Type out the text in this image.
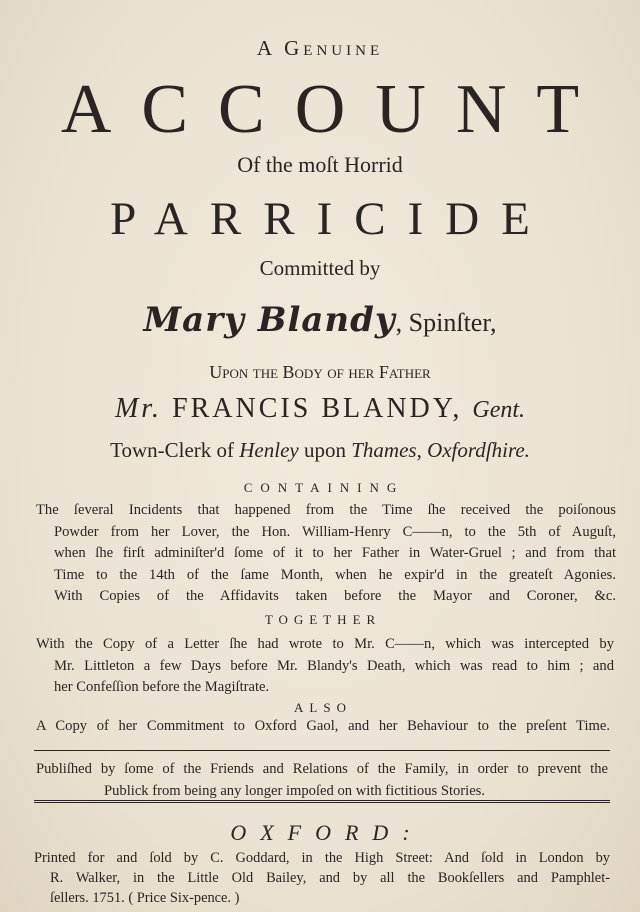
A Genuine
ACCOUNT
Of the moſt Horrid
PARRICIDE
Committed by
Mary Blandy, Spinſter,
Upon the Body of her Father
Mr. FRANCIS BLANDY, Gent.
Town-Clerk of Henley upon Thames, Oxfordſhire.
CONTAINING
The ſeveral Incidents that happened from the Time ſhe received the poiſonous
Powder from her Lover, the Hon. William-Henry C——n, to the 5th of Auguſt,
when ſhe firſt adminiſter'd ſome of it to her Father in Water-Gruel ; and from that
Time to the 14th of the ſame Month, when he expir'd in the greateſt Agonies.
With Copies of the Affidavits taken before the Mayor and Coroner, &c.
TOGETHER
With the Copy of a Letter ſhe had wrote to Mr. C——n, which was intercepted by
Mr. Littleton a few Days before Mr. Blandy's Death, which was read to him ; and
her Confeſſion before the Magiſtrate.
ALSO
A Copy of her Commitment to Oxford Gaol, and her Behaviour to the preſent Time.
Publiſhed by ſome of the Friends and Relations of the Family, in order to prevent the
Publick from being any longer impoſed on with fictitious Stories.
OXFORD:
Printed for and ſold by C. Goddard, in the High Street: And ſold in London by
R. Walker, in the Little Old Bailey, and by all the Bookſellers and Pamphlet-
ſellers. 1751. ( Price Six-pence. )
